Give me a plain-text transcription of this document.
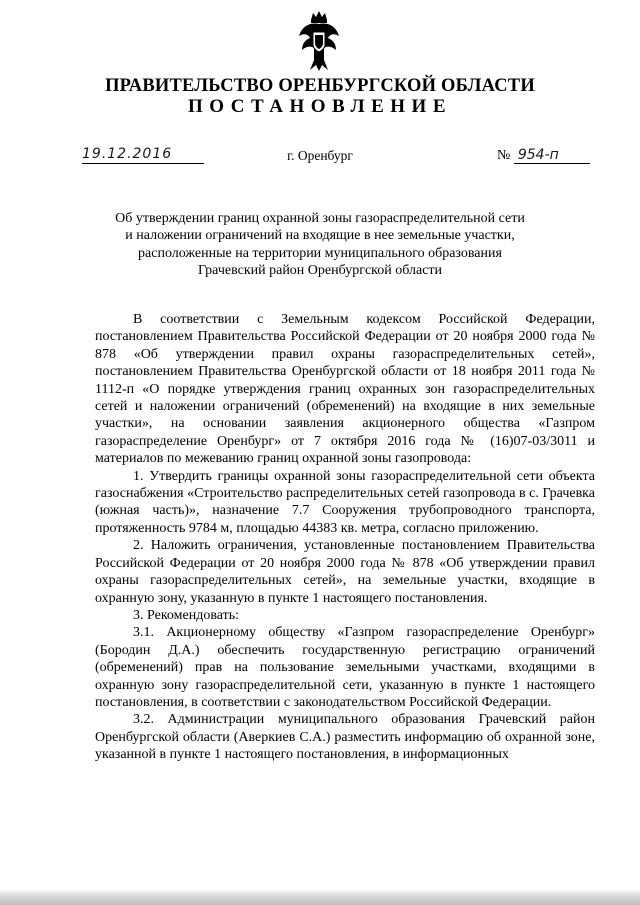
ПРАВИТЕЛЬСТВО ОРЕНБУРГСКОЙ ОБЛАСТИ
ПОСТАНОВЛЕНИЕ
19.12.2016	г. Оренбург	№ 954-п
Об утверждении границ охранной зоны газораспределительной сети
и наложении ограничений на входящие в нее земельные участки,
расположенные на территории муниципального образования
Грачевский район Оренбургской области

В соответствии с Земельным кодексом Российской Федерации, постановлением Правительства Российской Федерации от 20 ноября 2000 года № 878 «Об утверждении правил охраны газораспределительных сетей», постановлением Правительства Оренбургской области от 18 ноября 2011 года № 1112-п «О порядке утверждения границ охранных зон газораспределительных сетей и наложении ограничений (обременений) на входящие в них земельные участки», на основании заявления акционерного общества «Газпром газораспределение Оренбург» от 7 октября 2016 года № (16)07-03/3011 и материалов по межеванию границ охранной зоны газопровода:

1. Утвердить границы охранной зоны газораспределительной сети объекта газоснабжения «Строительство распределительных сетей газопровода в с. Грачевка (южная часть)», назначение 7.7 Сооружения трубопроводного транспорта, протяженность 9784 м, площадью 44383 кв. метра, согласно приложению.

2. Наложить ограничения, установленные постановлением Правительства Российской Федерации от 20 ноября 2000 года № 878 «Об утверждении правил охраны газораспределительных сетей», на земельные участки, входящие в охранную зону, указанную в пункте 1 настоящего постановления.

3. Рекомендовать:

3.1. Акционерному обществу «Газпром газораспределение Оренбург» (Бородин Д.А.) обеспечить государственную регистрацию ограничений (обременений) прав на пользование земельными участками, входящими в охранную зону газораспределительной сети, указанную в пункте 1 настоящего постановления, в соответствии с законодательством Российской Федерации.

3.2. Администрации муниципального образования Грачевский район Оренбургской области (Аверкиев С.А.) разместить информацию об охранной зоне, указанной в пункте 1 настоящего постановления, в информационных
